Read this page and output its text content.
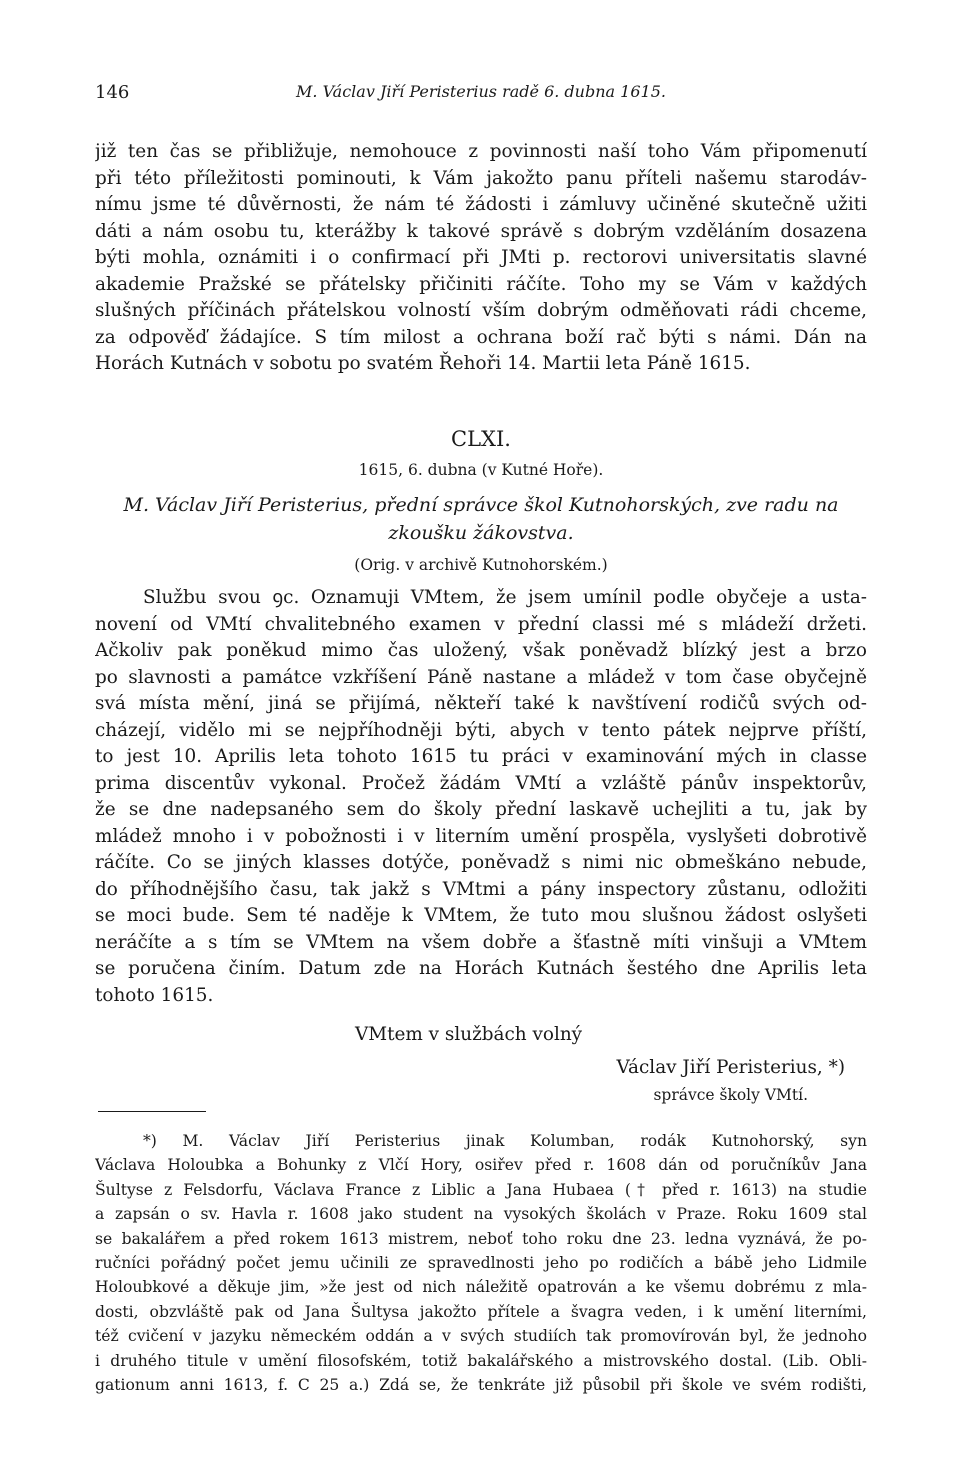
146	M. Václav Jiří Peristerius radě 6. dubna 1615.
již ten čas se přibližuje, nemohouce z povinnosti naší toho Vám připomenutí
při této příležitosti pominouti, k Vám jakožto panu příteli našemu starodáv-
nímu jsme té důvěrnosti, že nám té žádosti i zámluvy učiněné skutečně užiti
dáti a nám osobu tu, kterážby k takové správě s dobrým vzděláním dosazena
býti mohla, oznámiti i o confirmací při JMti p. rectorovi universitatis slavné
akademie Pražské se přátelsky přičiniti ráčíte. Toho my se Vám v každých
slušných příčinách přátelskou volností vším dobrým odměňovati rádi chceme,
za odpověď žádajíce. S tím milost a ochrana boží rač býti s námi. Dán na
Horách Kutnách v sobotu po svatém Řehoři 14. Martii leta Páně 1615.
CLXI.
1615, 6. dubna (v Kutné Hoře).
M. Václav Jiří Peristerius, přední správce škol Kutnohorských, zve radu na
zkoušku žákovstva.
(Orig. v archivě Kutnohorském.)
Službu svou ꝯc. Oznamuji VMtem, že jsem umínil podle obyčeje a usta-
novení od VMtí chvalitebného examen v přední classi mé s mládeží držeti.
Ačkoliv pak poněkud mimo čas uložený, však poněvadž blízký jest a brzo
po slavnosti a památce vzkříšení Páně nastane a mládež v tom čase obyčejně
svá místa mění, jiná se přijímá, někteří také k navštívení rodičů svých od-
cházejí, vidělo mi se nejpříhodněji býti, abych v tento pátek nejprve příští,
to jest 10. Aprilis leta tohoto 1615 tu práci v examinování mých in classe
prima discentův vykonal. Pročež žádám VMtí a vzláště pánův inspektorův,
že se dne nadepsaného sem do školy přední laskavě uchejliti a tu, jak by
mládež mnoho i v pobožnosti i v literním umění prospěla, vyslyšeti dobrotivě
ráčíte. Co se jiných klasses dotýče, poněvadž s nimi nic obmeškáno nebude,
do příhodnějšího času, tak jakž s VMtmi a pány inspectory zůstanu, odložiti
se moci bude. Sem té naděje k VMtem, že tuto mou slušnou žádost oslyšeti
neráčíte a s tím se VMtem na všem dobře a šťastně míti vinšuji a VMtem
se poručena činím. Datum zde na Horách Kutnách šestého dne Aprilis leta
tohoto 1615.
VMtem v službách volný
Václav Jiří Peristerius, *)
správce školy VMtí.
*) M. Václav Jiří Peristerius jinak Kolumban, rodák Kutnohorský, syn
Václava Holoubka a Bohunky z Vlčí Hory, osiřev před r. 1608 dán od poručníkův Jana
Šultyse z Felsdorfu, Václava France z Liblic a Jana Hubaea († před r. 1613) na studie
a zapsán o sv. Havla r. 1608 jako student na vysokých školách v Praze. Roku 1609 stal
se bakalářem a před rokem 1613 mistrem, neboť toho roku dne 23. ledna vyznává, že po-
ručníci pořádný počet jemu učinili ze spravedlnosti jeho po rodičích a bábě jeho Lidmile
Holoubkové a děkuje jim, »že jest od nich náležitě opatrován a ke všemu dobrému z mla-
dosti, obzvláště pak od Jana Šultysa jakožto přítele a švagra veden, i k umění literními,
též cvičení v jazyku německém oddán a v svých studiích tak promovírován byl, že jednoho
i druhého titule v umění filosofském, totiž bakalářského a mistrovského dostal. (Lib. Obli-
gationum anni 1613, f. C 25 a.) Zdá se, že tenkráte již působil při škole ve svém rodišti,
